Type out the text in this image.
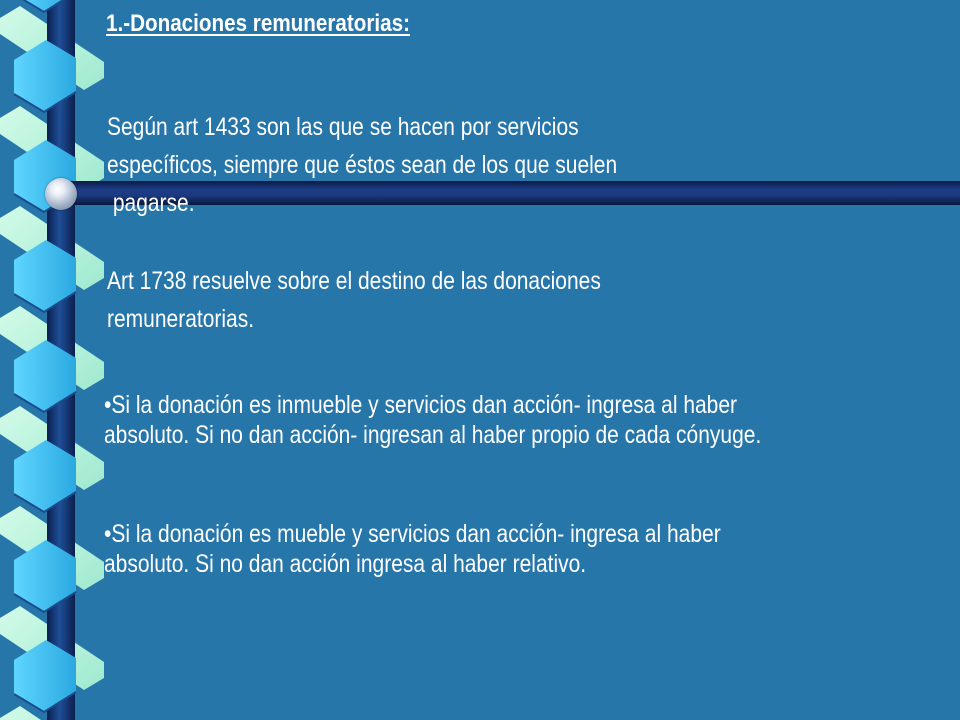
1.-Donaciones remuneratorias:
Según art 1433 son las que se hacen por servicios
específicos, siempre que éstos sean de los que suelen
pagarse.
Art 1738 resuelve sobre el destino de las donaciones
remuneratorias.
•Si la donación es inmueble y servicios dan acción- ingresa al haber
absoluto. Si no dan acción- ingresan al haber propio de cada cónyuge.
•Si la donación es mueble y servicios dan acción- ingresa al haber
absoluto. Si no dan acción ingresa al haber relativo.
